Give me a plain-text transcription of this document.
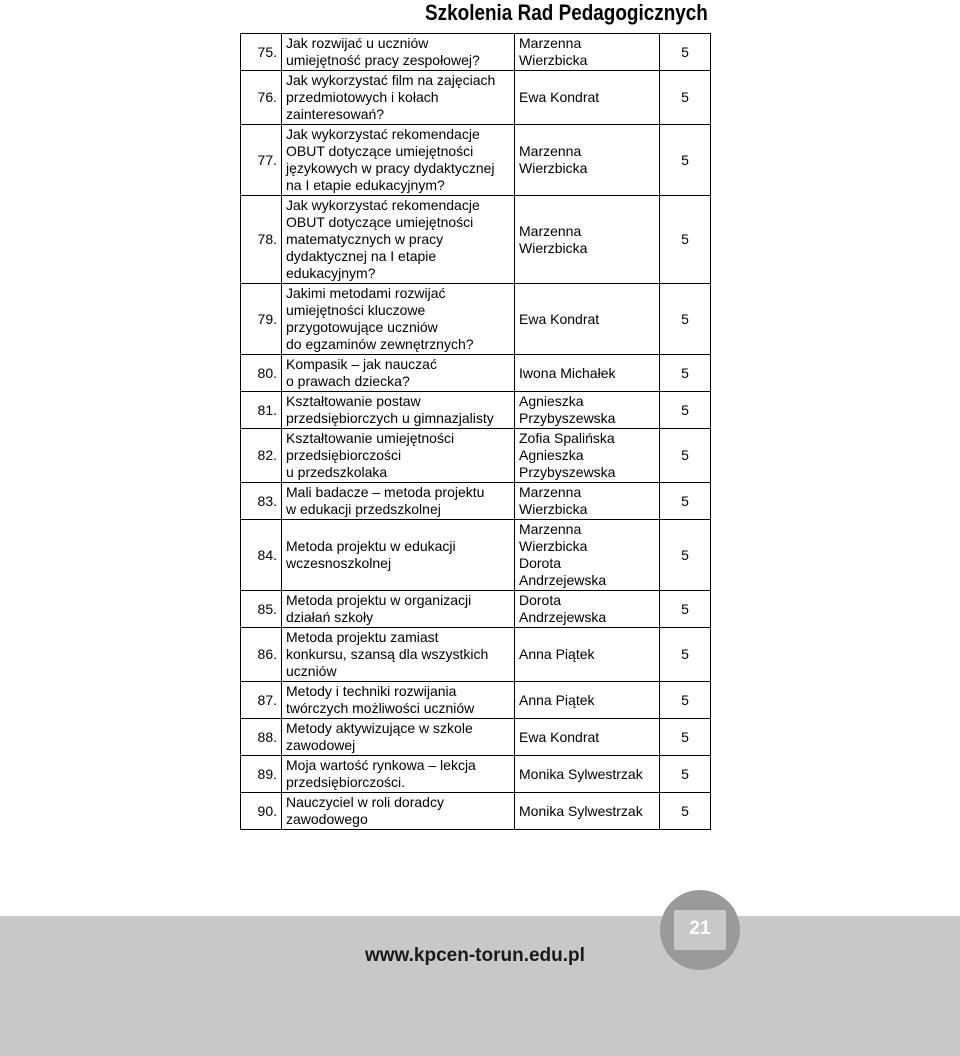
Szkolenia Rad Pedagogicznych
75.	Jak rozwijać u uczniów
umiejętność pracy zespołowej?	Marzenna
Wierzbicka	5
76.	Jak wykorzystać film na zajęciach
przedmiotowych i kołach
zainteresowań?	Ewa Kondrat	5
77.	Jak wykorzystać rekomendacje
OBUT dotyczące umiejętności
językowych w pracy dydaktycznej
na I etapie edukacyjnym?	Marzenna
Wierzbicka	5
78.	Jak wykorzystać rekomendacje
OBUT dotyczące umiejętności
matematycznych w pracy
dydaktycznej na I etapie
edukacyjnym?	Marzenna
Wierzbicka	5
79.	Jakimi metodami rozwijać
umiejętności kluczowe
przygotowujące uczniów
do egzaminów zewnętrznych?	Ewa Kondrat	5
80.	Kompasik – jak nauczać
o prawach dziecka?	Iwona Michałek	5
81.	Kształtowanie postaw
przedsiębiorczych u gimnazjalisty	Agnieszka
Przybyszewska	5
82.	Kształtowanie umiejętności
przedsiębiorczości
u przedszkolaka	Zofia Spalińska
Agnieszka
Przybyszewska	5
83.	Mali badacze – metoda projektu
w edukacji przedszkolnej	Marzenna
Wierzbicka	5
84.	Metoda projektu w edukacji
wczesnoszkolnej	Marzenna
Wierzbicka
Dorota
Andrzejewska	5
85.	Metoda projektu w organizacji
działań szkoły	Dorota
Andrzejewska	5
86.	Metoda projektu zamiast
konkursu, szansą dla wszystkich
uczniów	Anna Piątek	5
87.	Metody i techniki rozwijania
twórczych możliwości uczniów	Anna Piątek	5
88.	Metody aktywizujące w szkole
zawodowej	Ewa Kondrat	5
89.	Moja wartość rynkowa – lekcja
przedsiębiorczości.	Monika Sylwestrzak	5
90.	Nauczyciel w roli doradcy
zawodowego	Monika Sylwestrzak	5
www.kpcen-torun.edu.pl
21
